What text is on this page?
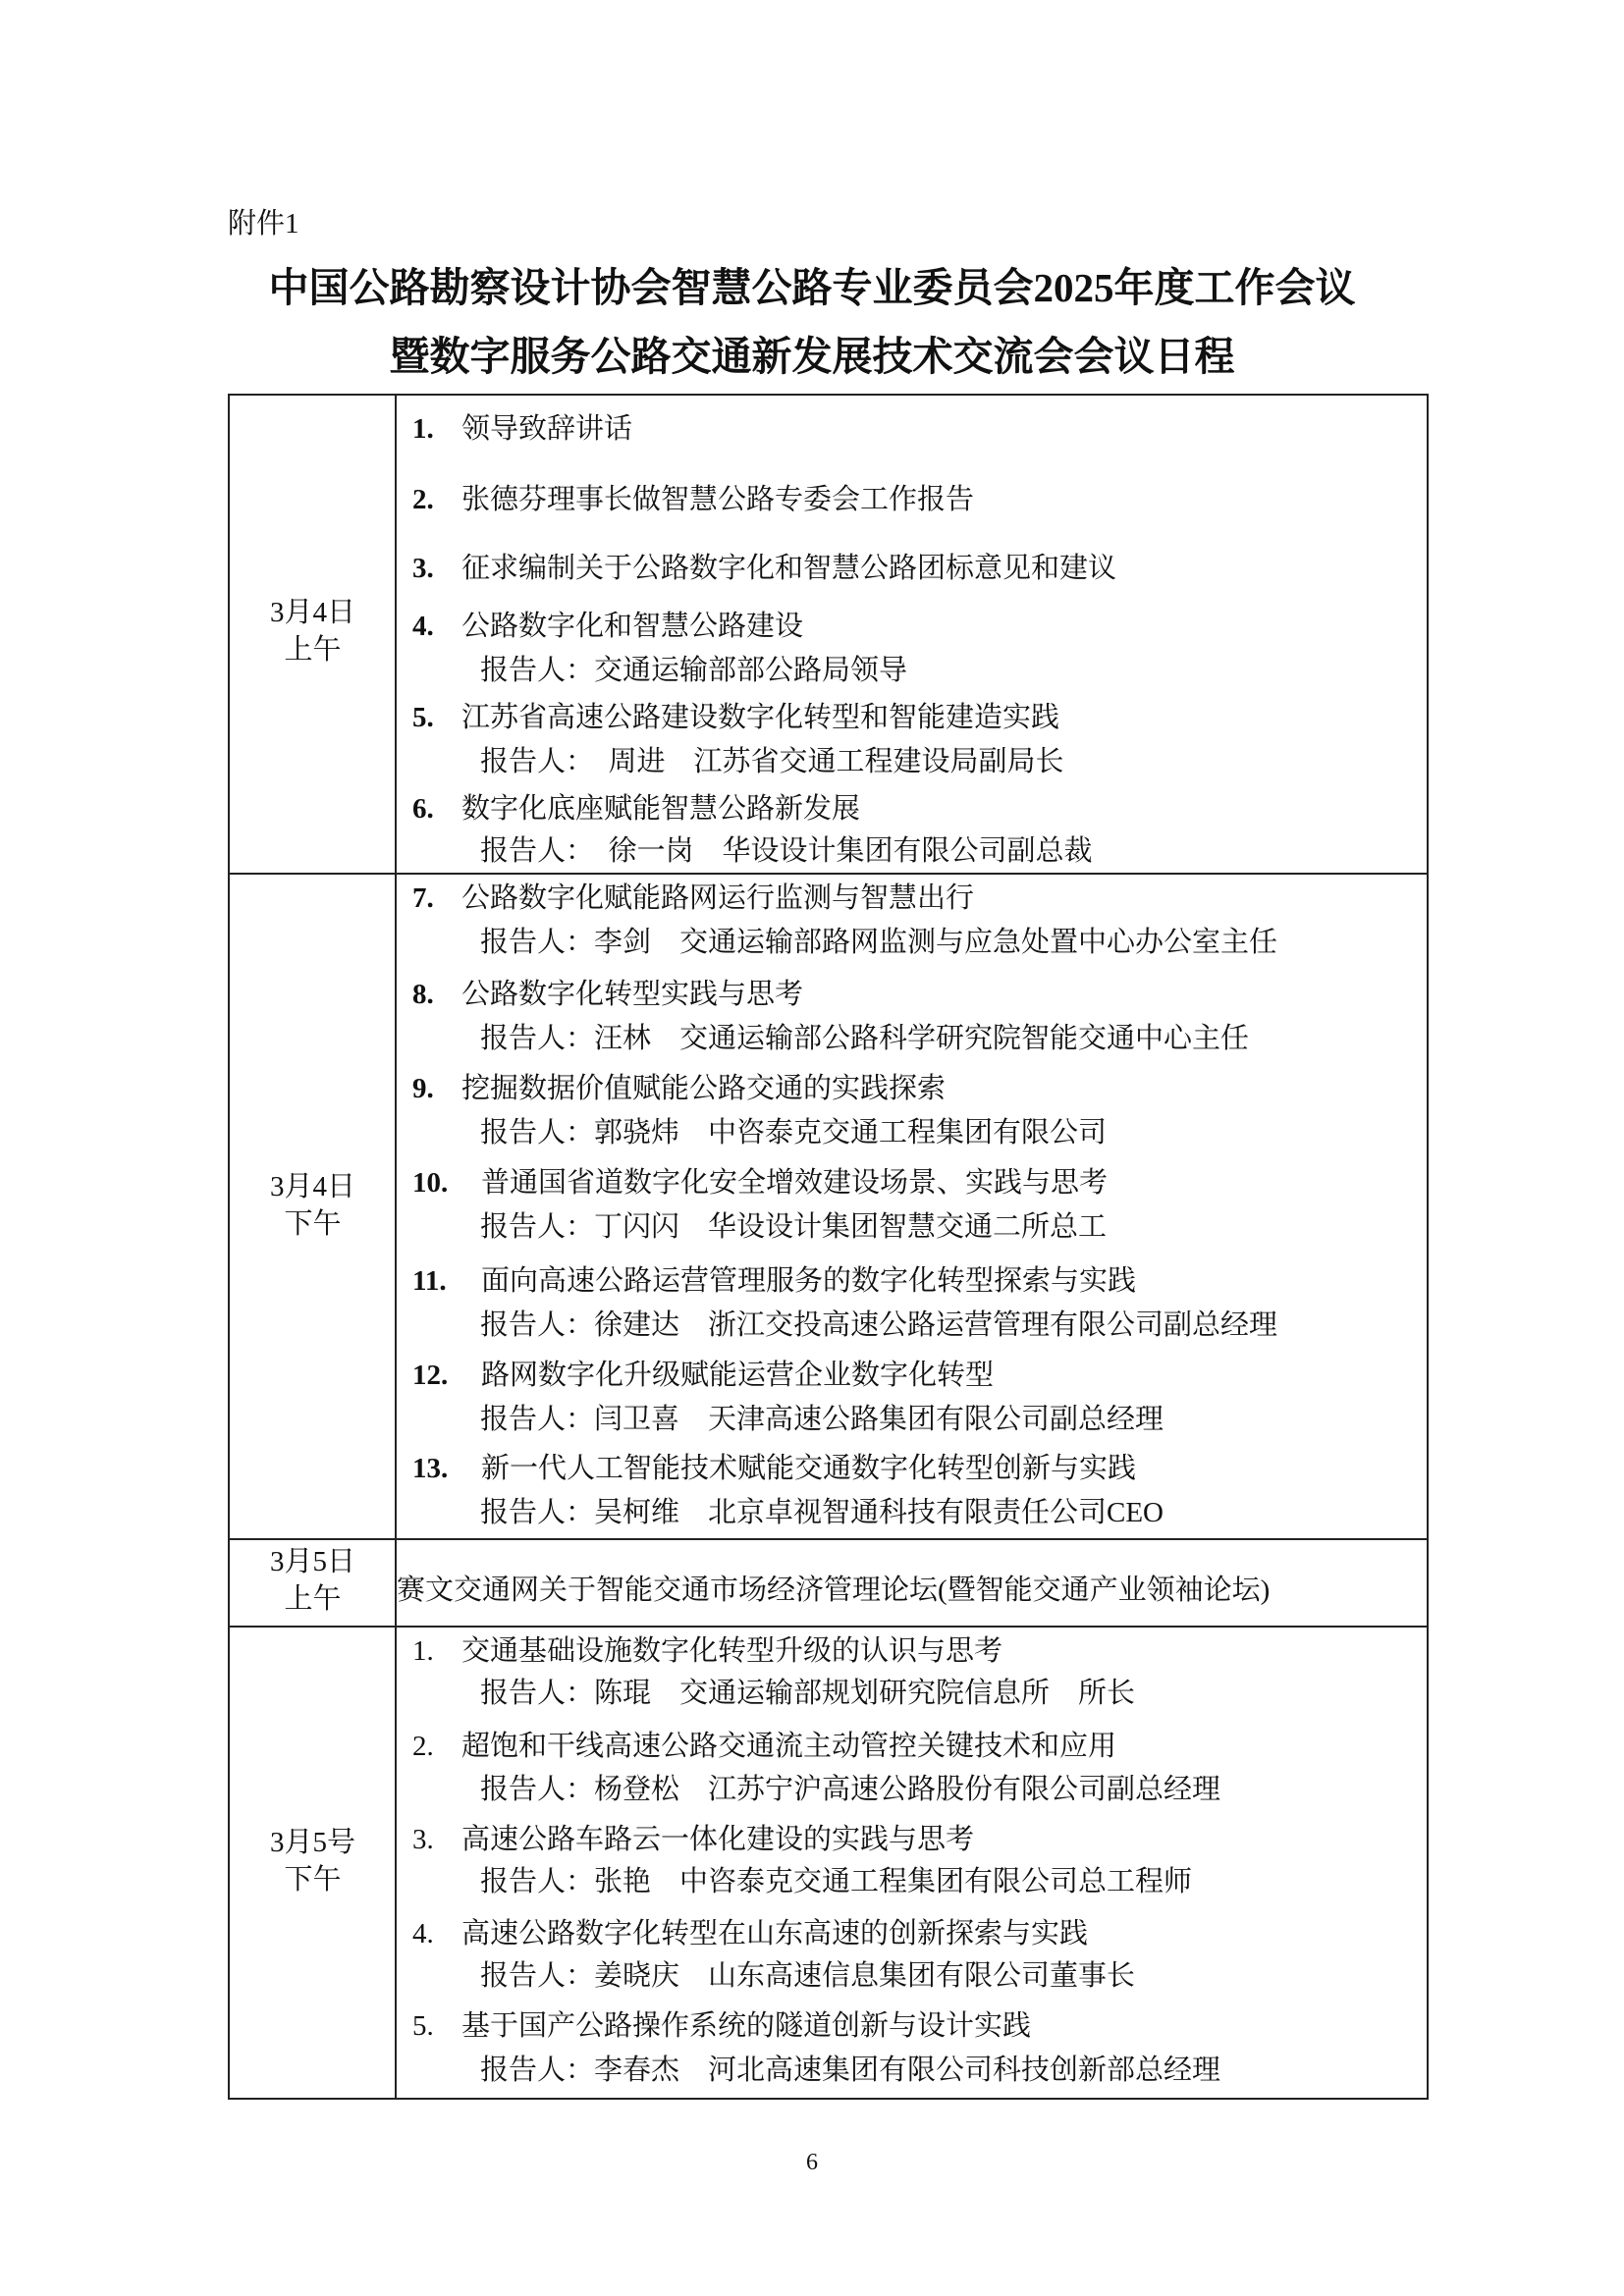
附件1
中国公路勘察设计协会智慧公路专业委员会2025年度工作会议
暨数字服务公路交通新发展技术交流会会议日程
3月4日
上午
1. 领导致辞讲话
2. 张德芬理事长做智慧公路专委会工作报告
3. 征求编制关于公路数字化和智慧公路团标意见和建议
4. 公路数字化和智慧公路建设
报告人：交通运输部部公路局领导
5. 江苏省高速公路建设数字化转型和智能建造实践
报告人：　周进　江苏省交通工程建设局副局长
6. 数字化底座赋能智慧公路新发展
报告人：　徐一岗　华设设计集团有限公司副总裁
3月4日
下午
7. 公路数字化赋能路网运行监测与智慧出行
报告人：李剑　交通运输部路网监测与应急处置中心办公室主任
8. 公路数字化转型实践与思考
报告人：汪林　交通运输部公路科学研究院智能交通中心主任
9. 挖掘数据价值赋能公路交通的实践探索
报告人：郭骁炜　中咨泰克交通工程集团有限公司
10. 普通国省道数字化安全增效建设场景、实践与思考
报告人：丁闪闪　华设设计集团智慧交通二所总工
11. 面向高速公路运营管理服务的数字化转型探索与实践
报告人：徐建达　浙江交投高速公路运营管理有限公司副总经理
12. 路网数字化升级赋能运营企业数字化转型
报告人：闫卫喜　天津高速公路集团有限公司副总经理
13. 新一代人工智能技术赋能交通数字化转型创新与实践
报告人：吴柯维　北京卓视智通科技有限责任公司CEO
3月5日
上午	赛文交通网关于智能交通市场经济管理论坛(暨智能交通产业领袖论坛)
3月5号
下午
1. 交通基础设施数字化转型升级的认识与思考
报告人：陈琨　交通运输部规划研究院信息所　所长
2. 超饱和干线高速公路交通流主动管控关键技术和应用
报告人：杨登松　江苏宁沪高速公路股份有限公司副总经理
3. 高速公路车路云一体化建设的实践与思考
报告人：张艳　中咨泰克交通工程集团有限公司总工程师
4. 高速公路数字化转型在山东高速的创新探索与实践
报告人：姜晓庆　山东高速信息集团有限公司董事长
5. 基于国产公路操作系统的隧道创新与设计实践
报告人：李春杰　河北高速集团有限公司科技创新部总经理
6
